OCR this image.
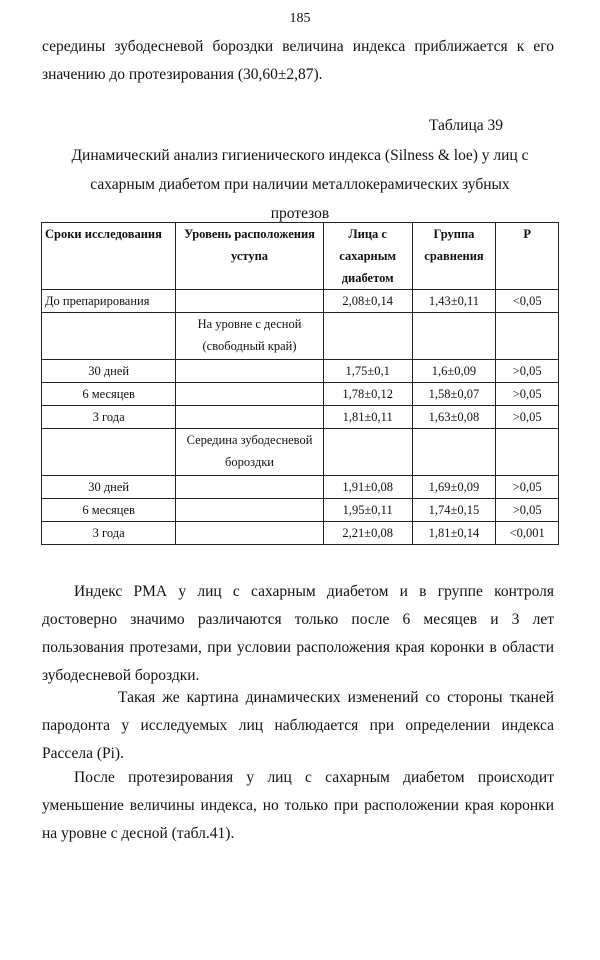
185

середины зубодесневой бороздки величина индекса приближается к его значению до протезирования (30,60±2,87).

Таблица 39
Динамический анализ гигиенического индекса (Silness & loe) у лиц с сахарным диабетом при наличии металлокерамических зубных протезов
Сроки исследования	Уровень расположения уступа	Лица с сахарным диабетом	Группа сравнения	P
До препарирования		2,08±0,14	1,43±0,11	<0,05
	На уровне с десной (свободный край)			
30 дней		1,75±0,1	1,6±0,09	>0,05
6 месяцев		1,78±0,12	1,58±0,07	>0,05
3 года		1,81±0,11	1,63±0,08	>0,05
	Середина зубодесневой бороздки			
30 дней		1,91±0,08	1,69±0,09	>0,05
6 месяцев		1,95±0,11	1,74±0,15	>0,05
3 года		2,21±0,08	1,81±0,14	<0,001

Индекс РМА у лиц с сахарным диабетом и в группе контроля достоверно значимо различаются только после 6 месяцев и 3 лет пользования протезами, при условии расположения края коронки в области зубодесневой бороздки.

Такая же картина динамических изменений со стороны тканей пародонта у исследуемых лиц наблюдается при определении индекса Рассела (Pi).

После протезирования у лиц с сахарным диабетом происходит уменьшение величины индекса, но только при расположении края коронки на уровне с десной (табл.41).
